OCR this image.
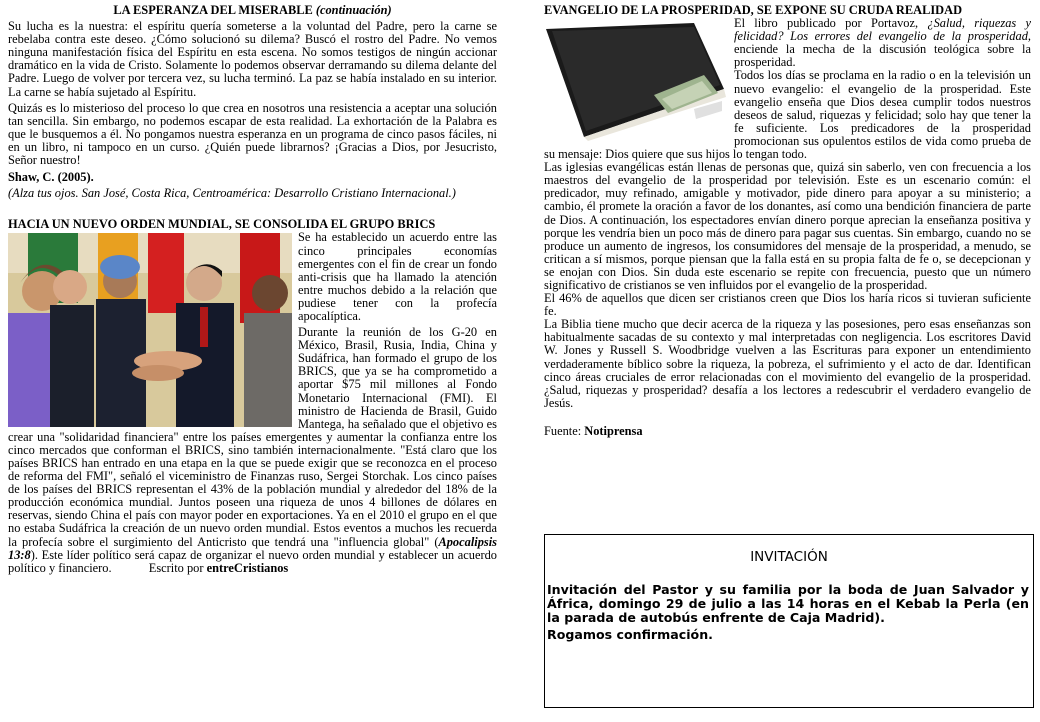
LA ESPERANZA DEL MISERABLE (continuación)

Su lucha es la nuestra: el espíritu quería someterse a la voluntad del Padre, pero la carne se rebelaba contra este deseo. ¿Cómo solucionó su dilema? Buscó el rostro del Padre. No vemos ninguna manifestación física del Espíritu en esta escena. No somos testigos de ningún accionar dramático en la vida de Cristo. Solamente lo podemos observar derramando su dilema delante del Padre. Luego de volver por tercera vez, su lucha terminó. La paz se había instalado en su interior. La carne se había sujetado al Espíritu.

Quizás es lo misterioso del proceso lo que crea en nosotros una resistencia a aceptar una solución tan sencilla. Sin embargo, no podemos escapar de esta realidad. La exhortación de la Palabra es que le busquemos a él. No pongamos nuestra esperanza en un programa de cinco pasos fáciles, ni en un libro, ni tampoco en un curso. ¿Quién puede librarnos? ¡Gracias a Dios, por Jesucristo, Señor nuestro!

Shaw, C. (2005).

(Alza tus ojos. San José, Costa Rica, Centroamérica: Desarrollo Cristiano Internacional.)

HACIA UN NUEVO ORDEN MUNDIAL, SE CONSOLIDA EL GRUPO BRICS

Se ha establecido un acuerdo entre las cinco principales economías emergentes con el fin de crear un fondo anti-crisis que ha llamado la atención entre muchos debido a la relación que pudiese tener con la profecía apocalíptica.

Durante la reunión de los G-20 en México, Brasil, Rusia, India, China y Sudáfrica, han formado el grupo de los BRICS, que ya se ha comprometido a aportar $75 mil millones al Fondo Monetario Internacional (FMI). El ministro de Hacienda de Brasil, Guido Mantega, ha señalado que el objetivo es crear una "solidaridad financiera" entre los países emergentes y aumentar la confianza entre los cinco mercados que conforman el BRICS, sino también internacionalmente. "Está claro que los países BRICS han entrado en una etapa en la que se puede exigir que se reconozca en el proceso de reforma del FMI", señaló el viceministro de Finanzas ruso, Sergei Storchak. Los cinco países de los países del BRICS representan el 43% de la población mundial y alrededor del 18% de la producción económica mundial. Juntos poseen una riqueza de unos 4 billones de dólares en reservas, siendo China el país con mayor poder en exportaciones. Ya en el 2010 el grupo en el que no estaba Sudáfrica la creación de un nuevo orden mundial. Estos eventos a muchos les recuerda la profecía sobre el surgimiento del Anticristo que tendrá una "influencia global" (Apocalipsis 13:8). Este líder político será capaz de organizar el nuevo orden mundial y establecer un acuerdo político y financiero.	Escrito por entreCristianos

EVANGELIO DE LA PROSPERIDAD, SE EXPONE SU CRUDA REALIDAD

El libro publicado por Portavoz, ¿Salud, riquezas y felicidad? Los errores del evangelio de la prosperidad, enciende la mecha de la discusión teológica sobre la prosperidad.

Todos los días se proclama en la radio o en la televisión un nuevo evangelio: el evangelio de la prosperidad. Este evangelio enseña que Dios desea cumplir todos nuestros deseos de salud, riquezas y felicidad; solo hay que tener la fe suficiente. Los predicadores de la prosperidad promocionan sus opulentos estilos de vida como prueba de su mensaje: Dios quiere que sus hijos lo tengan todo.

Las iglesias evangélicas están llenas de personas que, quizá sin saberlo, ven con frecuencia a los maestros del evangelio de la prosperidad por televisión. Este es un escenario común: el predicador, muy refinado, amigable y motivador, pide dinero para apoyar a su ministerio; a cambio, él promete la oración a favor de los donantes, así como una bendición financiera de parte de Dios. A continuación, los espectadores envían dinero porque aprecian la enseñanza positiva y porque les vendría bien un poco más de dinero para pagar sus cuentas. Sin embargo, cuando no se produce un aumento de ingresos, los consumidores del mensaje de la prosperidad, a menudo, se critican a sí mismos, porque piensan que la falla está en su propia falta de fe o, se decepcionan y se enojan con Dios. Sin duda este escenario se repite con frecuencia, puesto que un número significativo de cristianos se ven influidos por el evangelio de la prosperidad.

El 46% de aquellos que dicen ser cristianos creen que Dios los haría ricos si tuvieran suficiente fe.

La Biblia tiene mucho que decir acerca de la riqueza y las posesiones, pero esas enseñanzas son habitualmente sacadas de su contexto y mal interpretadas con negligencia. Los escritores David W. Jones y Russell S. Woodbridge vuelven a las Escrituras para exponer un entendimiento verdaderamente bíblico sobre la riqueza, la pobreza, el sufrimiento y el acto de dar. Identifican cinco áreas cruciales de error relacionadas con el movimiento del evangelio de la prosperidad. ¿Salud, riquezas y prosperidad? desafía a los lectores a redescubrir el verdadero evangelio de Jesús.

Fuente: Notiprensa

INVITACIÓN

Invitación del Pastor y su familia por la boda de Juan Salvador y África, domingo 29 de julio a las 14 horas en el Kebab la Perla (en la parada de autobús enfrente de Caja Madrid).

Rogamos confirmación.
